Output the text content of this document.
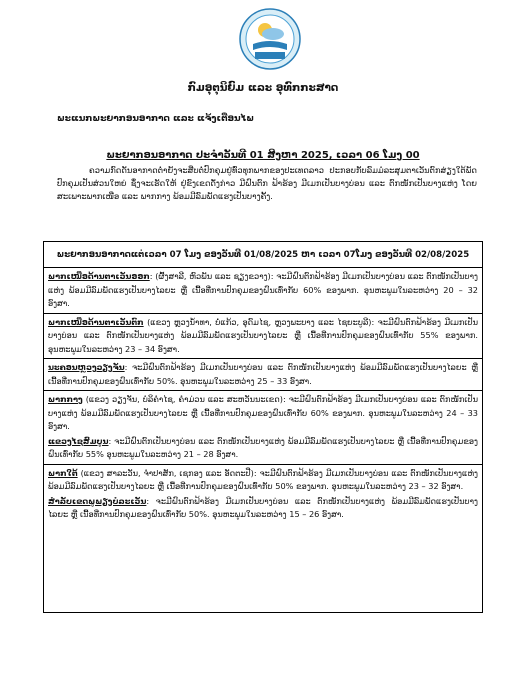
ກົມອຸຕຸນິຍົມ ແລະ ອຸທົກກະສາດ
ພະແນກພະຍາກອນອາກາດ ແລະ ແຈ້ງເຕືອນໄພ
ພະຍາກອນອາກາດ ປະຈຳວັນທີ 01 ສິງຫາ 2025, ເວລາ 06 ໂມງ 00
ຄວາມກົດດັນອາກາດຕ່ຳຍັງຈະສືບຕໍ່ປົກຄຸມຢູ່ທົ່ວທຸກພາກຂອງປະເທດລາວ ປະກອບກັບລົມມໍລະສຸມຕາເວັນຕົກສ່ຽງໃຕ້ພັດປົກຄຸມເປັນສ່ວນໃຫຍ່ ຊຶ່ງຈະເຮັດໃຫ້ ຢູ່ຂົງເຂດດັ່ງກ່າວ ມີຝົນຕົກ ຟ້າຮ້ອງ ມີເມກເປັນບາງບ່ອນ ແລະ ຕົກໜັກເປັນບາງແຫ່ງ ໂດຍສະເພາະພາກເໜືອ ແລະ ພາກກາງ ພ້ອມມີລົມພັດແຮງເປັນບາງຄັ້ງ.
ພະຍາກອນອາກາດແຕ່ເວລາ 07 ໂມງ ຂອງວັນທີ 01/08/2025 ຫາ ເວລາ 07ໂມງ ຂອງວັນທີ 02/08/2025
ພາກເໜືອດ້ານຕາເວັນອອກ: (ຜົ້ງສາລີ, ຫົວພັນ ແລະ ຊຽງຂວາງ): ຈະມີຝົນຕົກຟ້າຮ້ອງ ມີເມກເປັນບາງບ່ອນ ແລະ ຕົກໜັກເປັນບາງແຫ່ງ ພ້ອມມີລົມພັດແຮງເປັນບາງໄລຍະ ຫຼື ເນື້ອທີ່ການປົກຄຸມຂອງຝົນເທົ່າກັບ 60% ຂອງພາກ. ອຸນຫະພູມໃນລະຫວ່າງ 20 – 32 ອົງສາ.
ພາກເໜືອດ້ານຕາເວັນຕົກ (ແຂວງ ຫຼວງນ້ຳທາ, ບໍ່ແກ້ວ, ອຸດົມໄຊ, ຫຼວງພະບາງ ແລະ ໄຊຍະບູລີ): ຈະມີຝົນຕົກຟ້າຮ້ອງ ມີເມກເປັນບາງບ່ອນ ແລະ ຕົກໜັກເປັນບາງແຫ່ງ ພ້ອມມີລົມພັດແຮງເປັນບາງໄລຍະ ຫຼື ເນື້ອທີ່ການປົກຄຸມຂອງຝົນເທົ່າກັບ 55% ຂອງພາກ. ອຸນຫະພູມໃນລະຫວ່າງ 23 – 34 ອົງສາ.
ນະຄອນຫຼວງວຽງຈັນ: ຈະມີຝົນຕົກຟ້າຮ້ອງ ມີເມກເປັນບາງບ່ອນ ແລະ ຕົກໜັກເປັນບາງແຫ່ງ ພ້ອມມີລົມພັດແຮງເປັນບາງໄລຍະ ຫຼື ເນື້ອທີ່ການປົກຄຸມຂອງຝົນເທົ່າກັບ 50%. ອຸນຫະພູມໃນລະຫວ່າງ 25 – 33 ອົງສາ.
ພາກກາງ (ແຂວງ ວຽງຈັນ, ບໍລິຄຳໄຊ, ຄຳມ່ວນ ແລະ ສະຫວັນນະເຂດ): ຈະມີຝົນຕົກຟ້າຮ້ອງ ມີເມກເປັນບາງບ່ອນ ແລະ ຕົກໜັກເປັນບາງແຫ່ງ ພ້ອມມີລົມພັດແຮງເປັນບາງໄລຍະ ຫຼື ເນື້ອທີ່ການປົກຄຸມຂອງຝົນເທົ່າກັບ 60% ຂອງພາກ. ອຸນຫະພູມໃນລະຫວ່າງ 24 – 33 ອົງສາ.
ແຂວງໄຊສົມບູນ: ຈະມີຝົນຕົກເປັນບາງບ່ອນ ແລະ ຕົກໜັກເປັນບາງແຫ່ງ ພ້ອມມີລົມພັດແຮງເປັນບາງໄລຍະ ຫຼື ເນື້ອທີ່ການປົກຄຸມຂອງຝົນເທົ່າກັບ 55% ອຸນຫະພູມໃນລະຫວ່າງ 21 – 28 ອົງສາ.
ພາກໃຕ້ (ແຂວງ ສາລະວັນ, ຈຳປາສັກ, ເຊກອງ ແລະ ອັດຕະປື): ຈະມີຝົນຕົກຟ້າຮ້ອງ ມີເມກເປັນບາງບ່ອນ ແລະ ຕົກໜັກເປັນບາງແຫ່ງ ພ້ອມມີລົມພັດແຮງເປັນບາງໄລຍະ ຫຼື ເນື້ອທີ່ການປົກຄຸມຂອງຝົນເທົ່າກັບ 50% ຂອງພາກ. ອຸນຫະພູມໃນລະຫວ່າງ 23 – 32 ອົງສາ.
ສຳລັບເຂດພູພຽງບໍລະເວັນ: ຈະມີຝົນຕົກຟ້າຮ້ອງ ມີເມກເປັນບາງບ່ອນ ແລະ ຕົກໜັກເປັນບາງແຫ່ງ ພ້ອມມີລົມພັດແຮງເປັນບາງໄລຍະ ຫຼື ເນື້ອທີ່ການປົກຄຸມຂອງຝົນເທົ່າກັບ 50%. ອຸນຫະພູມໃນລະຫວ່າງ 15 – 26 ອົງສາ.
